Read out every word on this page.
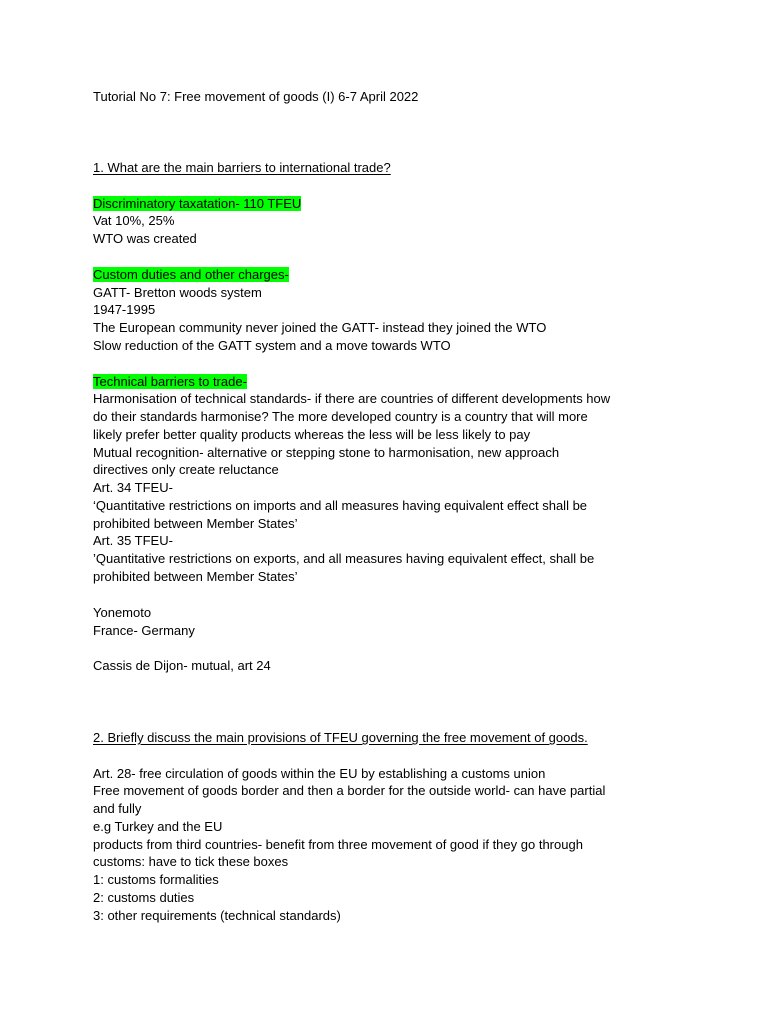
Tutorial No 7: Free movement of goods (I) 6-7 April 2022
1. What are the main barriers to international trade?
Discriminatory taxatation- 110 TFEU
Vat 10%, 25%
WTO was created
Custom duties and other charges-
GATT- Bretton woods system
1947-1995
The European community never joined the GATT- instead they joined the WTO
Slow reduction of the GATT system and a move towards WTO
Technical barriers to trade-
Harmonisation of technical standards- if there are countries of different developments how
do their standards harmonise? The more developed country is a country that will more
likely prefer better quality products whereas the less will be less likely to pay
Mutual recognition- alternative or stepping stone to harmonisation, new approach
directives only create reluctance
Art. 34 TFEU-
‘Quantitative restrictions on imports and all measures having equivalent effect shall be
prohibited between Member States’
Art. 35 TFEU-
’Quantitative restrictions on exports, and all measures having equivalent effect, shall be
prohibited between Member States’
Yonemoto
France- Germany
Cassis de Dijon- mutual, art 24
2. Briefly discuss the main provisions of TFEU governing the free movement of goods.
Art. 28- free circulation of goods within the EU by establishing a customs union
Free movement of goods border and then a border for the outside world- can have partial
and fully
e.g Turkey and the EU
products from third countries- benefit from three movement of good if they go through
customs: have to tick these boxes
1: customs formalities
2: customs duties
3: other requirements (technical standards)
